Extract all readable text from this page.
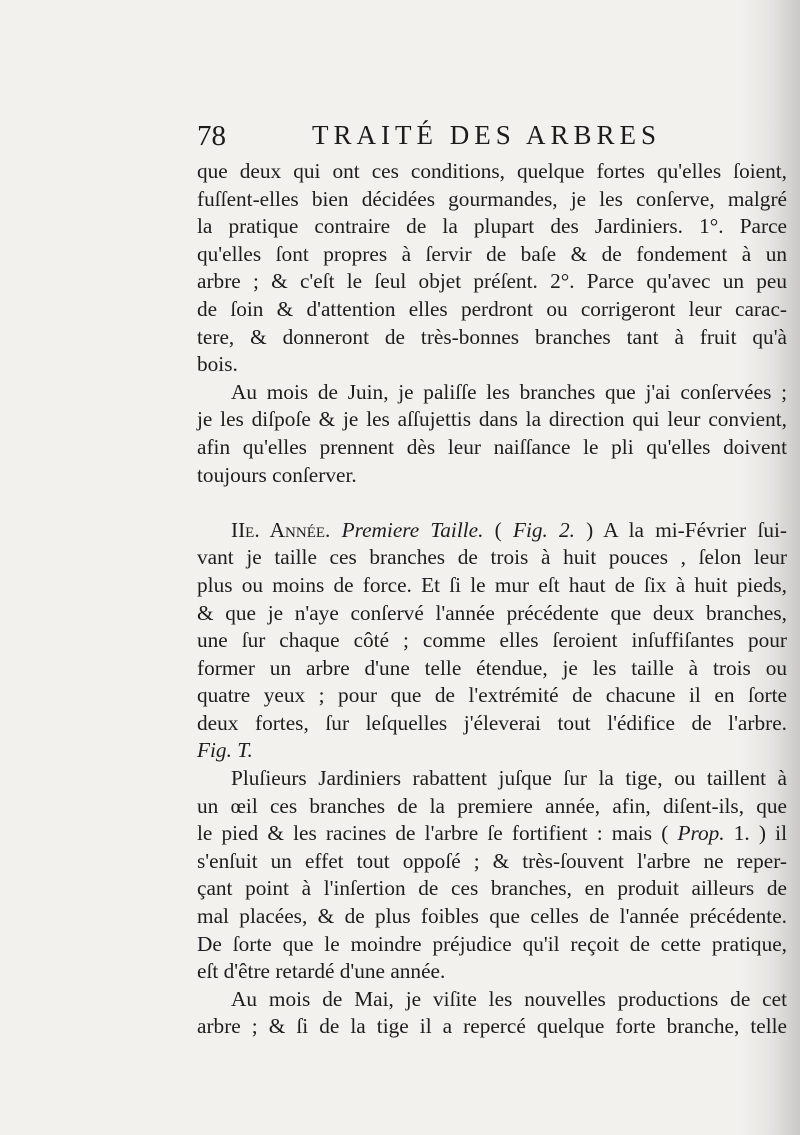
78	TRAITÉ DES ARBRES
que deux qui ont ces conditions, quelque fortes qu'elles ſoient,
fuſſent-elles bien décidées gourmandes, je les conſerve, malgré
la pratique contraire de la plupart des Jardiniers. 1°. Parce
qu'elles ſont propres à ſervir de baſe & de fondement à un
arbre ; & c'eſt le ſeul objet préſent. 2°. Parce qu'avec un peu
de ſoin & d'attention elles perdront ou corrigeront leur carac-
tere, & donneront de très-bonnes branches tant à fruit qu'à
bois.
Au mois de Juin, je paliſſe les branches que j'ai conſervées ;
je les diſpoſe & je les aſſujettis dans la direction qui leur convient,
afin qu'elles prennent dès leur naiſſance le pli qu'elles doivent
toujours conſerver.
IIe. Année. Premiere Taille. ( Fig. 2. ) A la mi-Février ſui-
vant je taille ces branches de trois à huit pouces , ſelon leur
plus ou moins de force. Et ſi le mur eſt haut de ſix à huit pieds,
& que je n'aye conſervé l'année précédente que deux branches,
une ſur chaque côté ; comme elles ſeroient inſuffiſantes pour
former un arbre d'une telle étendue, je les taille à trois ou
quatre yeux ; pour que de l'extrémité de chacune il en ſorte
deux fortes, ſur leſquelles j'éleverai tout l'édifice de l'arbre.
Fig. T.
Pluſieurs Jardiniers rabattent juſque ſur la tige, ou taillent à
un œil ces branches de la premiere année, afin, diſent-ils, que
le pied & les racines de l'arbre ſe fortifient : mais ( Prop. 1. ) il
s'enſuit un effet tout oppoſé ; & très-ſouvent l'arbre ne reper-
çant point à l'inſertion de ces branches, en produit ailleurs de
mal placées, & de plus foibles que celles de l'année précédente.
De ſorte que le moindre préjudice qu'il reçoit de cette pratique,
eſt d'être retardé d'une année.
Au mois de Mai, je viſite les nouvelles productions de cet
arbre ; & ſi de la tige il a repercé quelque forte branche, telle
